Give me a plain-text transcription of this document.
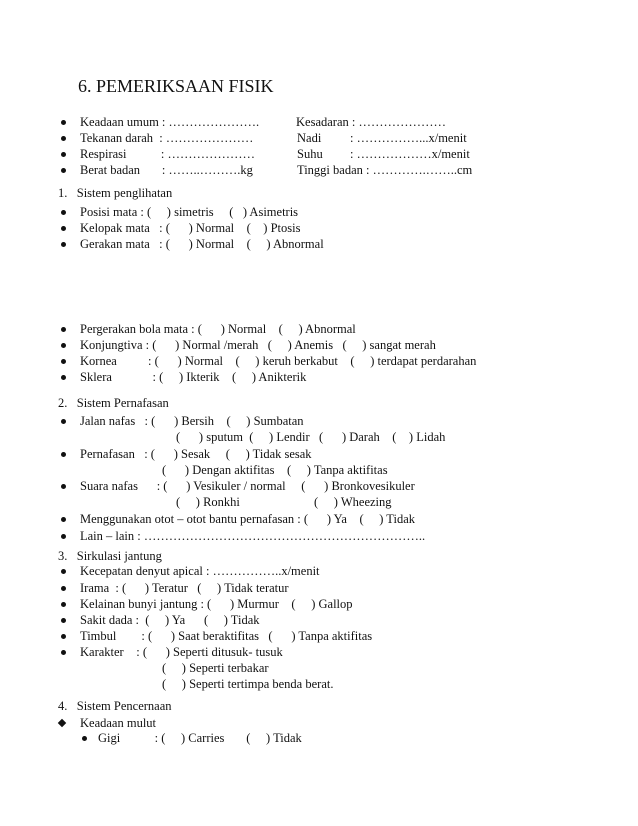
6. PEMERIKSAAN FISIK
Keadaan umum : ………………….	Kesadaran : …………………
Tekanan darah  : …………………	Nadi : ……………...x/menit
Respirasi           : …………………	Suhu : ………………x/menit
Berat badan       : ……..……….kg	Tinggi badan : ………….……..cm
1.   Sistem penglihatan
Posisi mata : (     ) simetris     (   ) Asimetris
Kelopak mata   : (      ) Normal    (    ) Ptosis
Gerakan mata   : (      ) Normal    (     ) Abnormal
Pergerakan bola mata : (      ) Normal    (     ) Abnormal
Konjungtiva : (      ) Normal /merah   (     ) Anemis   (     ) sangat merah
Kornea          : (      ) Normal    (     ) keruh berkabut    (     ) terdapat perdarahan
Sklera             : (     ) Ikterik    (     ) Anikterik
2.   Sistem Pernafasan
Jalan nafas   : (      ) Bersih    (     ) Sumbatan
(      ) sputum  (     ) Lendir   (      ) Darah    (    ) Lidah
Pernafasan   : (      ) Sesak     (     ) Tidak sesak
(      ) Dengan aktifitas    (     ) Tanpa aktifitas
Suara nafas      : (      ) Vesikuler / normal     (      ) Bronkovesikuler
(     ) Ronkhi	(     ) Wheezing
Menggunakan otot – otot bantu pernafasan : (      ) Ya    (     ) Tidak
Lain – lain : …………………………………………………………..
3.   Sirkulasi jantung
Kecepatan denyut apical : ……………..x/menit
Irama  : (      ) Teratur   (     ) Tidak teratur
Kelainan bunyi jantung : (      ) Murmur    (     ) Gallop
Sakit dada :  (     ) Ya      (     ) Tidak
Timbul        : (      ) Saat beraktifitas   (      ) Tanpa aktifitas
Karakter    : (      ) Seperti ditusuk- tusuk
(     ) Seperti terbakar
(     ) Seperti tertimpa benda berat.
4.   Sistem Pencernaan
Keadaan mulut
Gigi           : (     ) Carries       (     ) Tidak
